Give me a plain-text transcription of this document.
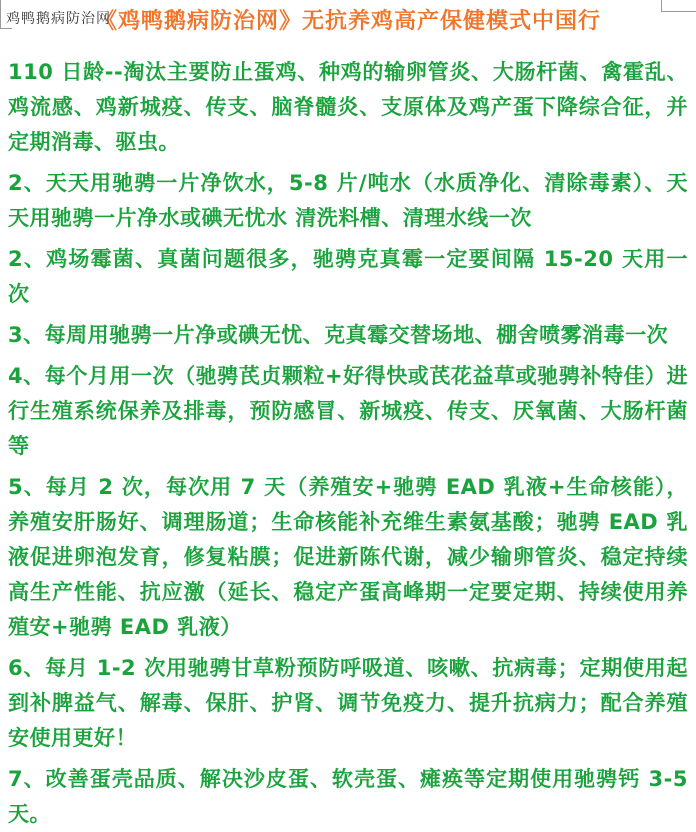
鸡鸭鹅病防治网
《鸡鸭鹅病防治网》无抗养鸡高产保健模式中国行

110 日龄--淘汰主要防止蛋鸡、种鸡的输卵管炎、大肠杆菌、禽霍乱、鸡流感、鸡新城疫、传支、脑脊髓炎、支原体及鸡产蛋下降综合征，并定期消毒、驱虫。

2、天天用驰骋一片净饮水，5-8 片/吨水（水质净化、清除毒素）、天天用驰骋一片净水或碘无忧水 清洗料槽、清理水线一次

2、鸡场霉菌、真菌问题很多，驰骋克真霉一定要间隔 15-20 天用一次

3、每周用驰骋一片净或碘无忧、克真霉交替场地、棚舍喷雾消毒一次

4、每个月用一次（驰骋芪贞颗粒+好得快或芪花益草或驰骋补特佳）进行生殖系统保养及排毒，预防感冒、新城疫、传支、厌氧菌、大肠杆菌等

5、每月 2 次，每次用 7 天（养殖安+驰骋 EAD 乳液+生命核能），养殖安肝肠好、调理肠道；生命核能补充维生素氨基酸；驰骋 EAD 乳液促进卵泡发育，修复粘膜；促进新陈代谢，减少输卵管炎、稳定持续高生产性能、抗应激（延长、稳定产蛋高峰期一定要定期、持续使用养殖安+驰骋 EAD 乳液）

6、每月 1-2 次用驰骋甘草粉预防呼吸道、咳嗽、抗病毒；定期使用起到补脾益气、解毒、保肝、护肾、调节免疫力、提升抗病力；配合养殖安使用更好！

7、改善蛋壳品质、解决沙皮蛋、软壳蛋、瘫痪等定期使用驰骋钙 3-5 天。
